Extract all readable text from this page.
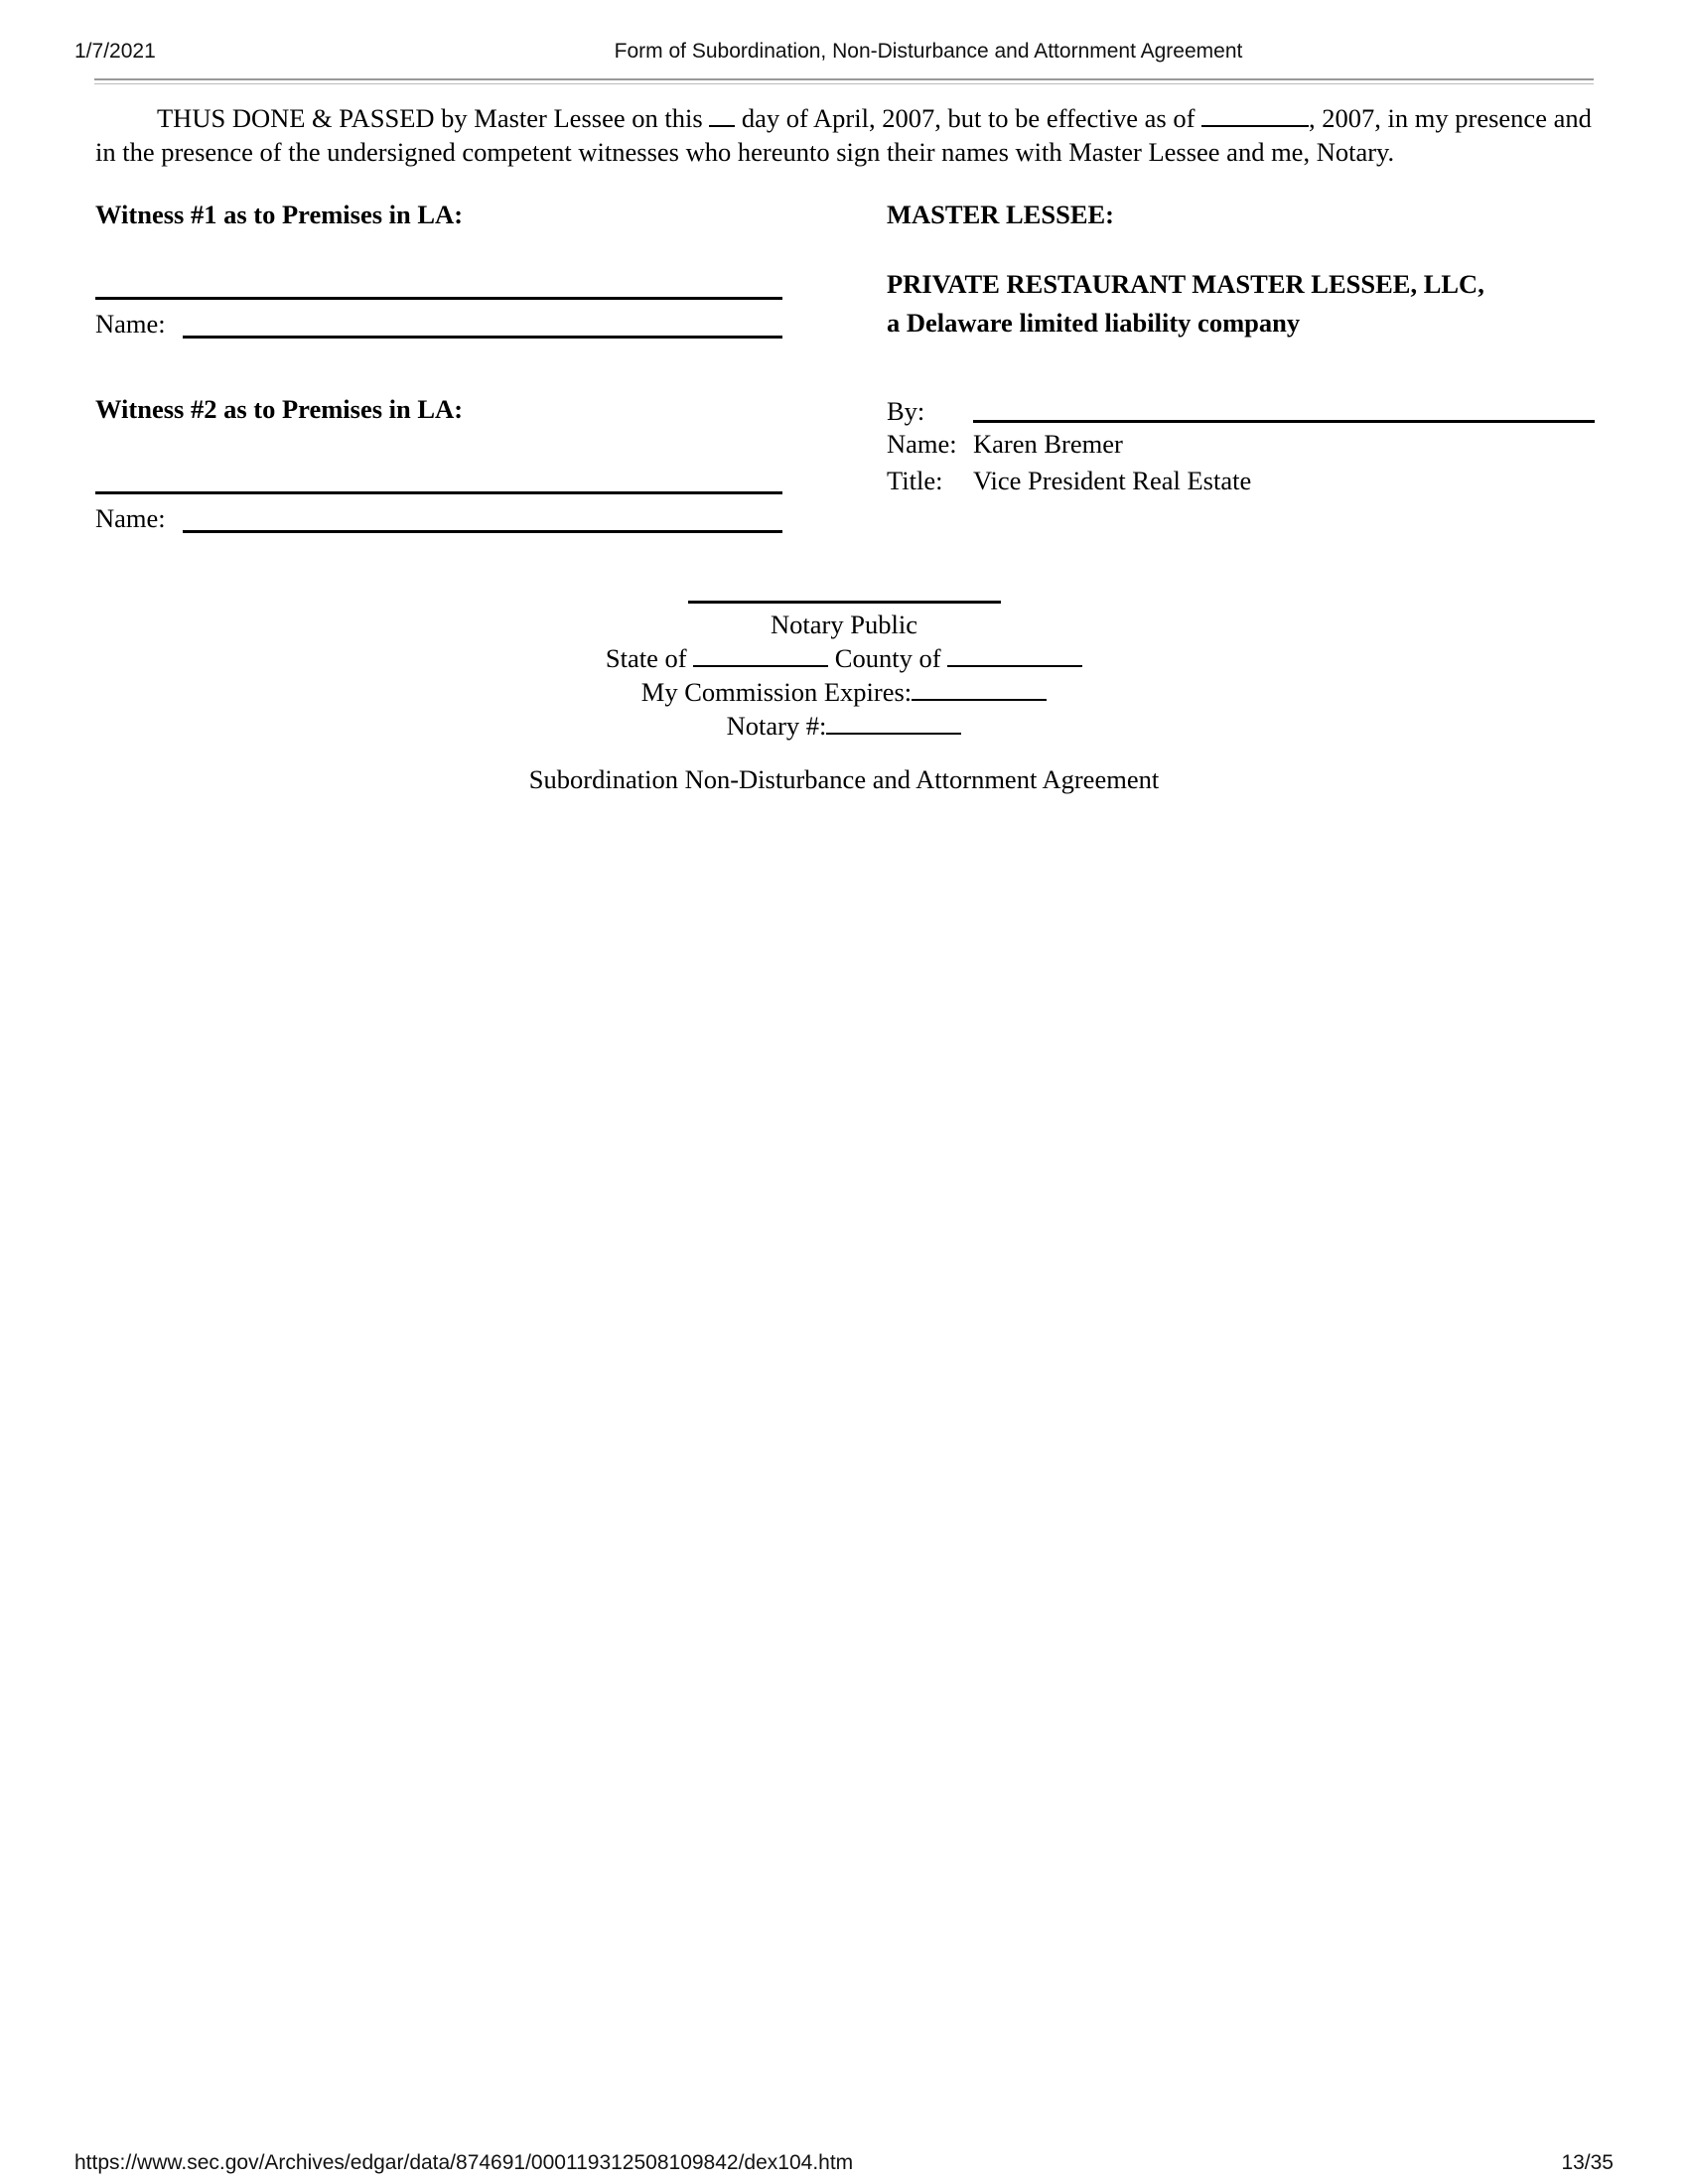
1/7/2021	Form of Subordination, Non-Disturbance and Attornment Agreement

THUS DONE & PASSED by Master Lessee on this  day of April, 2007, but to be effective as of	, 2007, in my presence and in the presence of the undersigned competent witnesses who hereunto sign their names with Master Lessee and me, Notary.

Witness #1 as to Premises in LA:
Name:
Witness #2 as to Premises in LA:
Name:
MASTER LESSEE:
PRIVATE RESTAURANT MASTER LESSEE, LLC,
a Delaware limited liability company
By:
Name: Karen Bremer
Title: Vice President Real Estate
Notary Public
State of	County of
My Commission Expires:
Notary #:
Subordination Non-Disturbance and Attornment Agreement
https://www.sec.gov/Archives/edgar/data/874691/000119312508109842/dex104.htm	13/35
